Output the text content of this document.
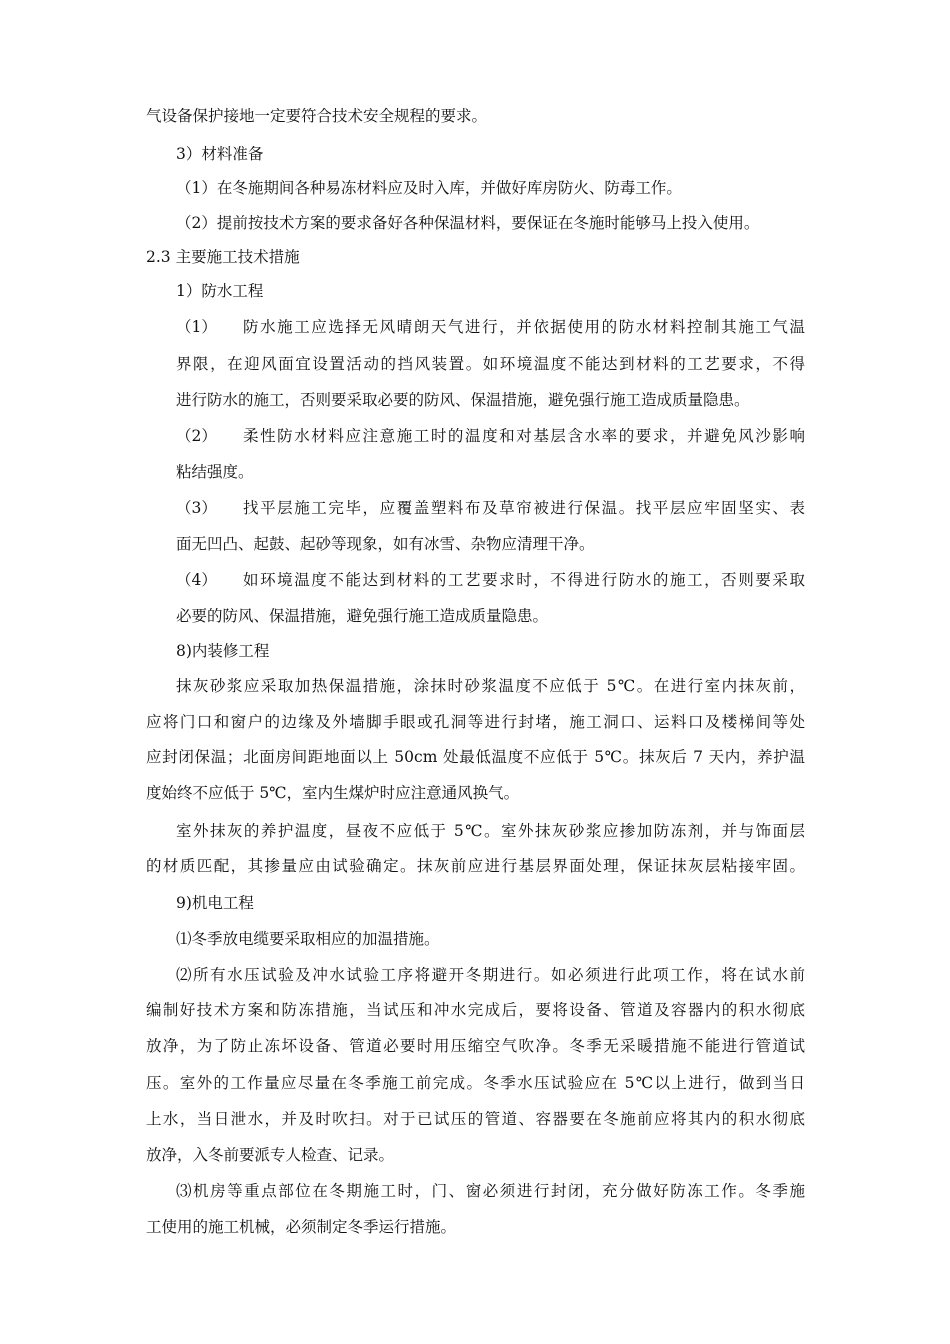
气设备保护接地一定要符合技术安全规程的要求。
3）材料准备
（1）在冬施期间各种易冻材料应及时入库，并做好库房防火、防毒工作。
（2）提前按技术方案的要求备好各种保温材料，要保证在冬施时能够马上投入使用。
2.3 主要施工技术措施
1）防水工程
（1） 防水施工应选择无风晴朗天气进行，并依据使用的防水材料控制其施工气温
界限，在迎风面宜设置活动的挡风装置。如环境温度不能达到材料的工艺要求，不得
进行防水的施工，否则要采取必要的防风、保温措施，避免强行施工造成质量隐患。
（2） 柔性防水材料应注意施工时的温度和对基层含水率的要求，并避免风沙影响
粘结强度。
（3） 找平层施工完毕，应覆盖塑料布及草帘被进行保温。找平层应牢固坚实、表
面无凹凸、起鼓、起砂等现象，如有冰雪、杂物应清理干净。
（4） 如环境温度不能达到材料的工艺要求时，不得进行防水的施工，否则要采取
必要的防风、保温措施，避免强行施工造成质量隐患。
8)内装修工程
抹灰砂浆应采取加热保温措施，涂抹时砂浆温度不应低于 5℃。在进行室内抹灰前，
应将门口和窗户的边缘及外墙脚手眼或孔洞等进行封堵，施工洞口、运料口及楼梯间等处
应封闭保温；北面房间距地面以上 50cm 处最低温度不应低于 5℃。抹灰后 7 天内，养护温
度始终不应低于 5℃，室内生煤炉时应注意通风换气。
室外抹灰的养护温度，昼夜不应低于 5℃。室外抹灰砂浆应掺加防冻剂，并与饰面层
的材质匹配，其掺量应由试验确定。抹灰前应进行基层界面处理，保证抹灰层粘接牢固。
9)机电工程
⑴冬季放电缆要采取相应的加温措施。
⑵所有水压试验及冲水试验工序将避开冬期进行。如必须进行此项工作，将在试水前
编制好技术方案和防冻措施，当试压和冲水完成后，要将设备、管道及容器内的积水彻底
放净，为了防止冻坏设备、管道必要时用压缩空气吹净。冬季无采暖措施不能进行管道试
压。室外的工作量应尽量在冬季施工前完成。冬季水压试验应在 5℃以上进行，做到当日
上水，当日泄水，并及时吹扫。对于已试压的管道、容器要在冬施前应将其内的积水彻底
放净，入冬前要派专人检查、记录。
⑶机房等重点部位在冬期施工时，门、窗必须进行封闭，充分做好防冻工作。冬季施
工使用的施工机械，必须制定冬季运行措施。
